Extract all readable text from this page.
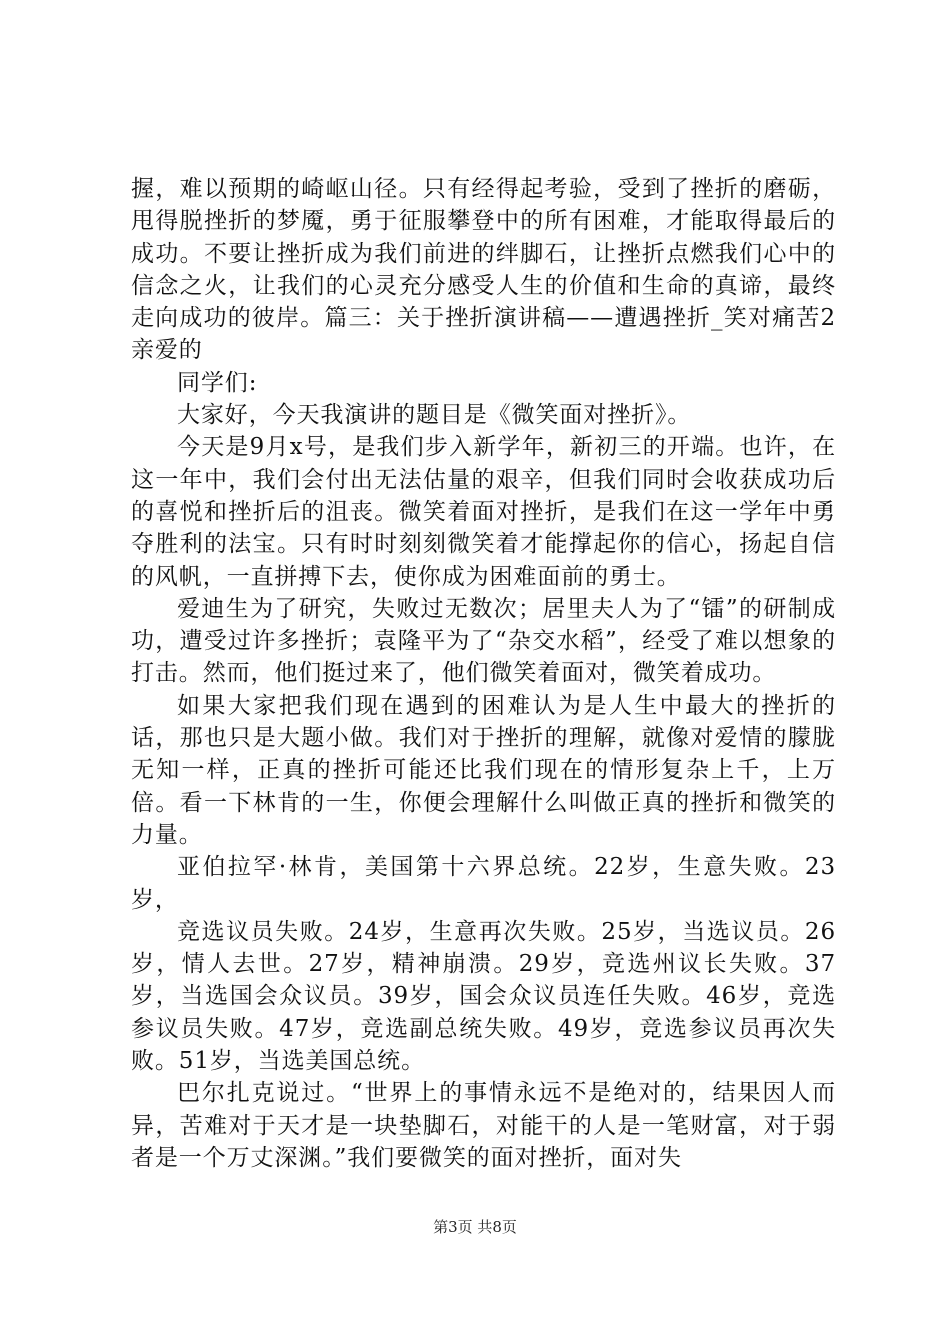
握，难以预期的崎岖山径。只有经得起考验，受到了挫折的磨砺，甩得脱挫折的梦魇，勇于征服攀登中的所有困难，才能取得最后的成功。不要让挫折成为我们前进的绊脚石，让挫折点燃我们心中的信念之火，让我们的心灵充分感受人生的价值和生命的真谛，最终走向成功的彼岸。篇三：关于挫折演讲稿——遭遇挫折_笑对痛苦2亲爱的

同学们:

大家好，今天我演讲的题目是《微笑面对挫折》。

今天是9月x号，是我们步入新学年，新初三的开端。也许，在这一年中，我们会付出无法估量的艰辛，但我们同时会收获成功后的喜悦和挫折后的沮丧。微笑着面对挫折，是我们在这一学年中勇夺胜利的法宝。只有时时刻刻微笑着才能撑起你的信心，扬起自信的风帆，一直拼搏下去，使你成为困难面前的勇士。

爱迪生为了研究，失败过无数次；居里夫人为了“镭”的研制成功，遭受过许多挫折；袁隆平为了“杂交水稻”，经受了难以想象的打击。然而，他们挺过来了，他们微笑着面对，微笑着成功。

如果大家把我们现在遇到的困难认为是人生中最大的挫折的话，那也只是大题小做。我们对于挫折的理解，就像对爱情的朦胧无知一样，正真的挫折可能还比我们现在的情形复杂上千，上万倍。看一下林肯的一生，你便会理解什么叫做正真的挫折和微笑的力量。

亚伯拉罕·林肯，美国第十六界总统。22岁，生意失败。23岁，

竞选议员失败。24岁，生意再次失败。25岁，当选议员。26岁，情人去世。27岁，精神崩溃。29岁，竞选州议长失败。37岁，当选国会众议员。39岁，国会众议员连任失败。46岁，竞选参议员失败。47岁，竞选副总统失败。49岁，竞选参议员再次失败。51岁，当选美国总统。

巴尔扎克说过。“世界上的事情永远不是绝对的，结果因人而异，苦难对于天才是一块垫脚石，对能干的人是一笔财富，对于弱者是一个万丈深渊。”我们要微笑的面对挫折，面对失

第3页 共8页
